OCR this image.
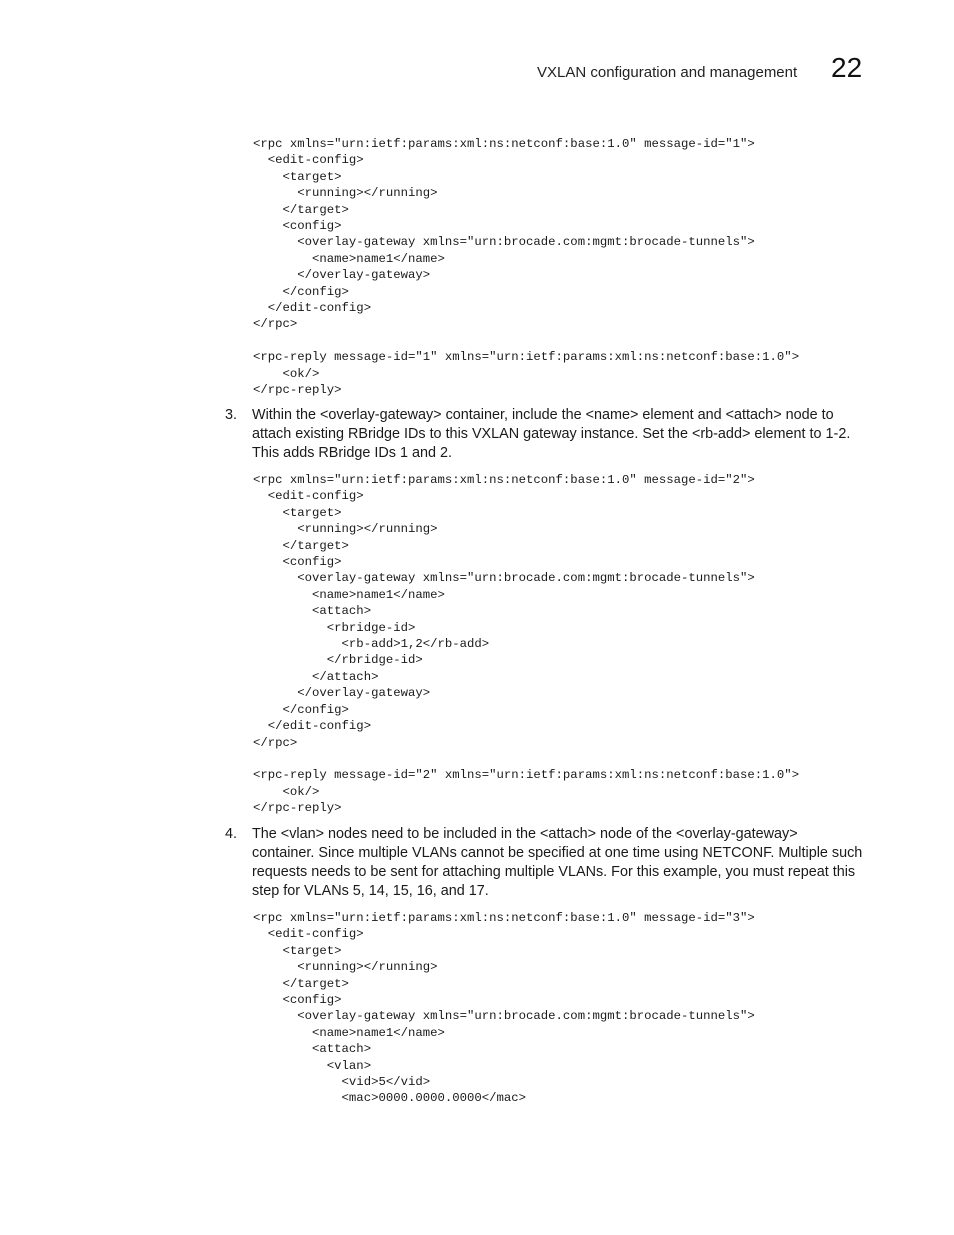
VXLAN configuration and management 22
<rpc xmlns="urn:ietf:params:xml:ns:netconf:base:1.0" message-id="1">
<edit-config>
<target>
<running></running>
</target>
<config>
<overlay-gateway xmlns="urn:brocade.com:mgmt:brocade-tunnels">
<name>name1</name>
</overlay-gateway>
</config>
</edit-config>
</rpc>

<rpc-reply message-id="1" xmlns="urn:ietf:params:xml:ns:netconf:base:1.0">
<ok/>
</rpc-reply>
3. Within the <overlay-gateway> container, include the <name> element and <attach> node to
attach existing RBridge IDs to this VXLAN gateway instance. Set the <rb-add> element to 1-2.
This adds RBridge IDs 1 and 2.
<rpc xmlns="urn:ietf:params:xml:ns:netconf:base:1.0" message-id="2">
<edit-config>
<target>
<running></running>
</target>
<config>
<overlay-gateway xmlns="urn:brocade.com:mgmt:brocade-tunnels">
<name>name1</name>
<attach>
<rbridge-id>
<rb-add>1,2</rb-add>
</rbridge-id>
</attach>
</overlay-gateway>
</config>
</edit-config>
</rpc>

<rpc-reply message-id="2" xmlns="urn:ietf:params:xml:ns:netconf:base:1.0">
<ok/>
</rpc-reply>
4. The <vlan> nodes need to be included in the <attach> node of the <overlay-gateway>
container. Since multiple VLANs cannot be specified at one time using NETCONF. Multiple such
requests needs to be sent for attaching multiple VLANs. For this example, you must repeat this
step for VLANs 5, 14, 15, 16, and 17.
<rpc xmlns="urn:ietf:params:xml:ns:netconf:base:1.0" message-id="3">
<edit-config>
<target>
<running></running>
</target>
<config>
<overlay-gateway xmlns="urn:brocade.com:mgmt:brocade-tunnels">
<name>name1</name>
<attach>
<vlan>
<vid>5</vid>
<mac>0000.0000.0000</mac>
